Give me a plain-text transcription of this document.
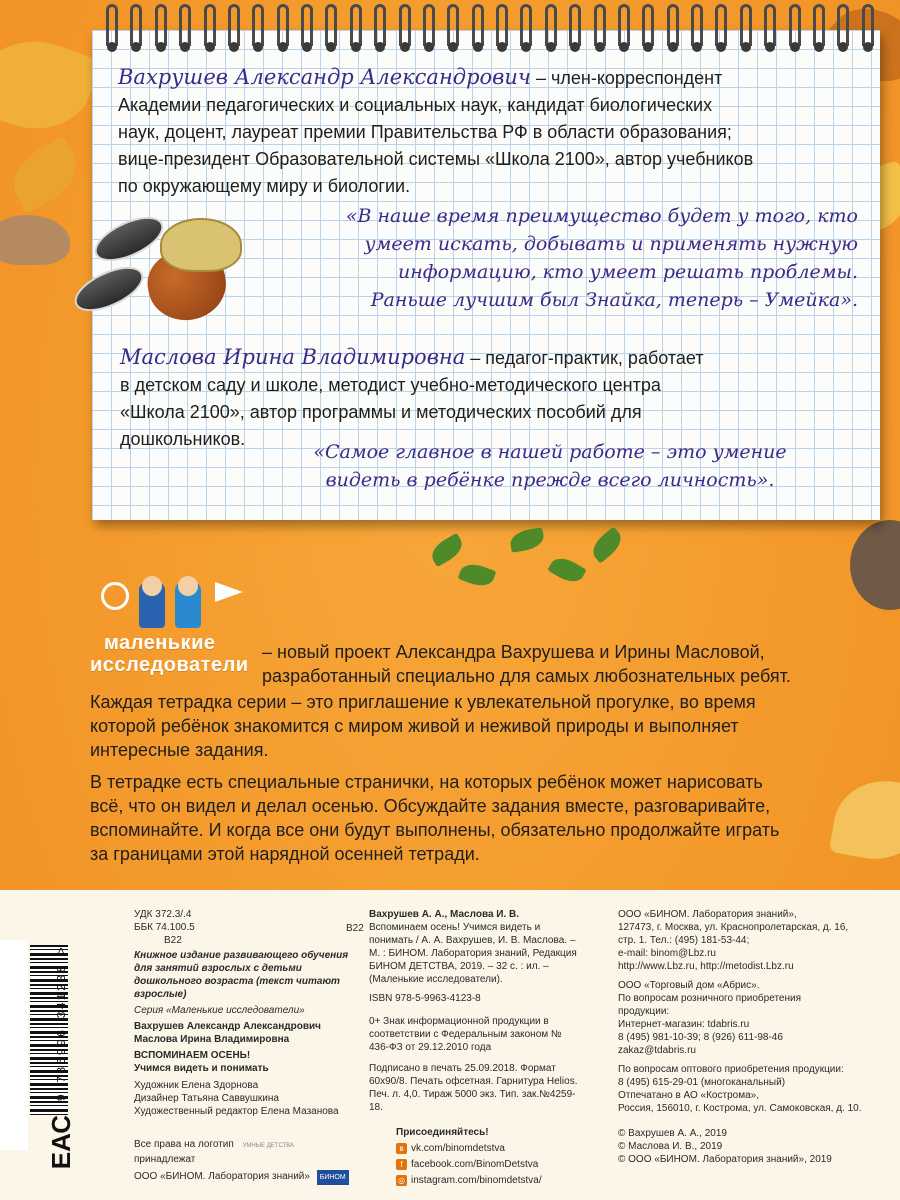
Вахрушев Александр Александрович – член-корреспондент
Академии педагогических и социальных наук, кандидат биологических
наук, доцент, лауреат премии Правительства РФ в области образования;
вице-президент Образовательной системы «Школа 2100», автор учебников
по окружающему миру и биологии.
«В наше время преимущество будет у того, кто
умеет искать, добывать и применять нужную
информацию, кто умеет решать проблемы.
Раньше лучшим был Знайка, теперь – Умейка».
Маслова Ирина Владимировна – педагог-практик, работает
в детском саду и школе, методист учебно-методического центра
«Школа 2100», автор программы и методических пособий для
дошкольников.
«Самое главное в нашей работе – это умение
видеть в ребёнке прежде всего личность».
маленькие
исследователи
– новый проект Александра Вахрушева и Ирины Масловой,
разработанный специально для самых любознательных ребят.
Каждая тетрадка серии – это приглашение к увлекательной прогулке, во время
которой ребёнок знакомится с миром живой и неживой природы и выполняет
интересные задания.
В тетрадке есть специальные странички, на которых ребёнок может нарисовать
всё, что он видел и делал осенью. Обсуждайте задания вместе, разговаривайте,
вспоминайте. И когда все они будут выполнены, обязательно продолжайте играть
за границами этой нарядной осенней тетради.
9 785996 341238 >
ЕАС
УДК 372.3/.4
ББК 74.100.5
В22
Книжное издание развивающего обучения для занятий взрослых с детьми дошкольного возраста (текст читают взрослые)
Серия «Маленькие исследователи»
Вахрушев Александр Александрович
Маслова Ирина Владимировна
ВСПОМИНАЕМ ОСЕНЬ!
Учимся видеть и понимать
Художник Елена Здорнова
Дизайнер Татьяна Саввушкина
Художественный редактор Елена Мазанова
Все права на логотип УМНЫЕ ДЕТСТВА принадлежат
ООО «БИНОМ. Лаборатория знаний» БИНОМ
В22
Вахрушев А. А., Маслова И. В.
Вспоминаем осень! Учимся видеть и понимать / А. А. Вахрушев, И. В. Маслова. – М. : БИНОМ. Лаборатория знаний, Редакция БИНОМ ДЕТСТВА, 2019. – 32 с. : ил. – (Маленькие исследователи).
ISBN 978-5-9963-4123-8
0+ Знак информационной продукции в соответствии с Федеральным законом № 436-ФЗ от 29.12.2010 года
Подписано в печать 25.09.2018. Формат 60x90/8. Печать офсетная. Гарнитура Helios. Печ. л. 4,0. Тираж 5000 экз. Тип. зак.№4259-18.
Присоединяйтесь!
в vk.com/binomdetstva
f facebook.com/BinomDetstva
◎ instagram.com/binomdetstva/
ООО «БИНОМ. Лаборатория знаний»,
127473, г. Москва, ул. Краснопролетарская, д. 16,
стр. 1. Тел.: (495) 181-53-44;
e-mail: binom@Lbz.ru
http://www.Lbz.ru, http://metodist.Lbz.ru
ООО «Торговый дом «Абрис».
По вопросам розничного приобретения
продукции:
Интернет-магазин: tdabris.ru
8 (495) 981-10-39; 8 (926) 611-98-46
zakaz@tdabris.ru
По вопросам оптового приобретения продукции:
8 (495) 615-29-01 (многоканальный)
Отпечатано в АО «Кострома»,
Россия, 156010, г. Кострома, ул. Самоковская, д. 10.
© Вахрушев А. А., 2019
© Маслова И. В., 2019
© ООО «БИНОМ. Лаборатория знаний», 2019
